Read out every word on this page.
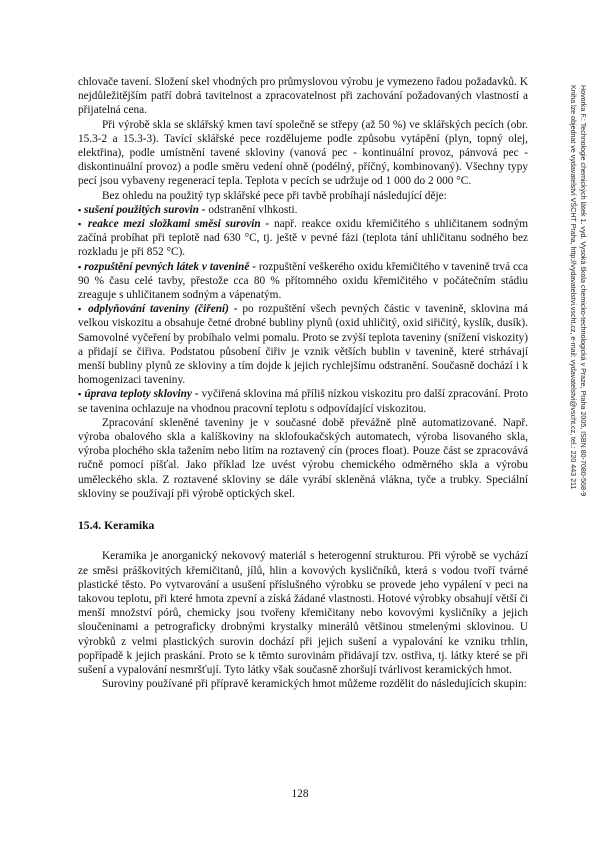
Hovorka F.: Technologie chemických látek 1. vyd. Vysoká škola chemicko-technologická v Praze, Praha 2005, ISBN 80-7080-568-9
Kniha lze objednat ve vydavatelství VŠCHT Praha, http://vydavatelstvi.vscht.cz, e-mail: vydavatelstvi@vscht.cz, tel.: 220 443 211

chlovače tavení. Složení skel vhodných pro průmyslovou výrobu je vymezeno řadou požadavků. K nejdůležitějším patří dobrá tavitelnost a zpracovatelnost při zachování požadovaných vlastností a přijatelná cena.

Při výrobě skla se sklářský kmen taví společně se střepy (až 50 %) ve sklářských pecích (obr. 15.3-2 a 15.3-3). Tavící sklářské pece rozdělujeme podle způsobu vytápění (plyn, topný olej, elektřina), podle umístnění tavené skloviny (vanová pec - kontinuální provoz, pánvová pec - diskontinuální provoz) a podle směru vedení ohně (podélný, příčný, kombinovaný). Všechny typy pecí jsou vybaveny regenerací tepla. Teplota v pecích se udržuje od 1 000 do 2 000 °C.

Bez ohledu na použitý typ sklářské pece při tavbě probíhají následující děje:

▪ sušení použitých surovin - odstranění vlhkosti.

▪ reakce mezi složkami směsi surovin - např. reakce oxidu křemičitého s uhličitanem sodným začíná probíhat při teplotě nad 630 °C, tj. ještě v pevné fázi (teplota tání uhličitanu sodného bez rozkladu je při 852 °C).

▪ rozpuštění pevných látek v tavenině - rozpuštění veškerého oxidu křemičitého v tavenině trvá cca 90 % času celé tavby, přestože cca 80 % přítomného oxidu křemičitého v počátečním stádiu zreaguje s uhličitanem sodným a vápenatým.

▪ odplyňování taveniny (čiření) - po rozpuštění všech pevných částic v tavenině, sklovina má velkou viskozitu a obsahuje četné drobné bubliny plynů (oxid uhličitý, oxid siřičitý, kyslík, dusík). Samovolné vyčeření by probíhalo velmi pomalu. Proto se zvýší teplota taveniny (snížení viskozity) a přidají se čiřiva. Podstatou působení čiřiv je vznik větších bublin v tavenině, které strhávají menší bubliny plynů ze skloviny a tím dojde k jejich rychlejšímu odstranění. Současně dochází i k homogenizaci taveniny.

▪ úprava teploty skloviny - vyčiřená sklovina má příliš nízkou viskozitu pro další zpracování. Proto se tavenina ochlazuje na vhodnou pracovní teplotu s odpovídající viskozitou.

Zpracování skleněné taveniny je v současné době převážně plně automatizované. Např. výroba obalového skla a kalíškoviny na sklofoukačských automatech, výroba lisovaného skla, výroba plochého skla tažením nebo litím na roztavený cín (proces float). Pouze část se zpracovává ručně pomocí píšťal. Jako příklad lze uvést výrobu chemického odměrného skla a výrobu uměleckého skla. Z roztavené skloviny se dále vyrábí skleněná vlákna, tyče a trubky. Speciální skloviny se používají při výrobě optických skel.

15.4. Keramika

Keramika je anorganický nekovový materiál s heterogenní strukturou. Při výrobě se vychází ze směsi práškovitých křemičitanů, jílů, hlin a kovových kysličníků, která s vodou tvoří tvárné plastické těsto. Po vytvarování a usušení příslušného výrobku se provede jeho vypálení v peci na takovou teplotu, při které hmota zpevní a získá žádané vlastnosti. Hotové výrobky obsahují větší či menší množství pórů, chemicky jsou tvořeny křemičitany nebo kovovými kysličníky a jejich sloučeninami a petrograficky drobnými krystalky minerálů většinou stmelenými sklovinou. U výrobků z velmi plastických surovin dochází při jejich sušení a vypalování ke vzniku trhlin, popřípadě k jejich praskání. Proto se k těmto surovinám přidávají tzv. ostřiva, tj. látky které se při sušení a vypalování nesmršťují. Tyto látky však současně zhoršují tvárlivost keramických hmot.

Suroviny používané při přípravě keramických hmot můžeme rozdělit do následujících skupin:

128
